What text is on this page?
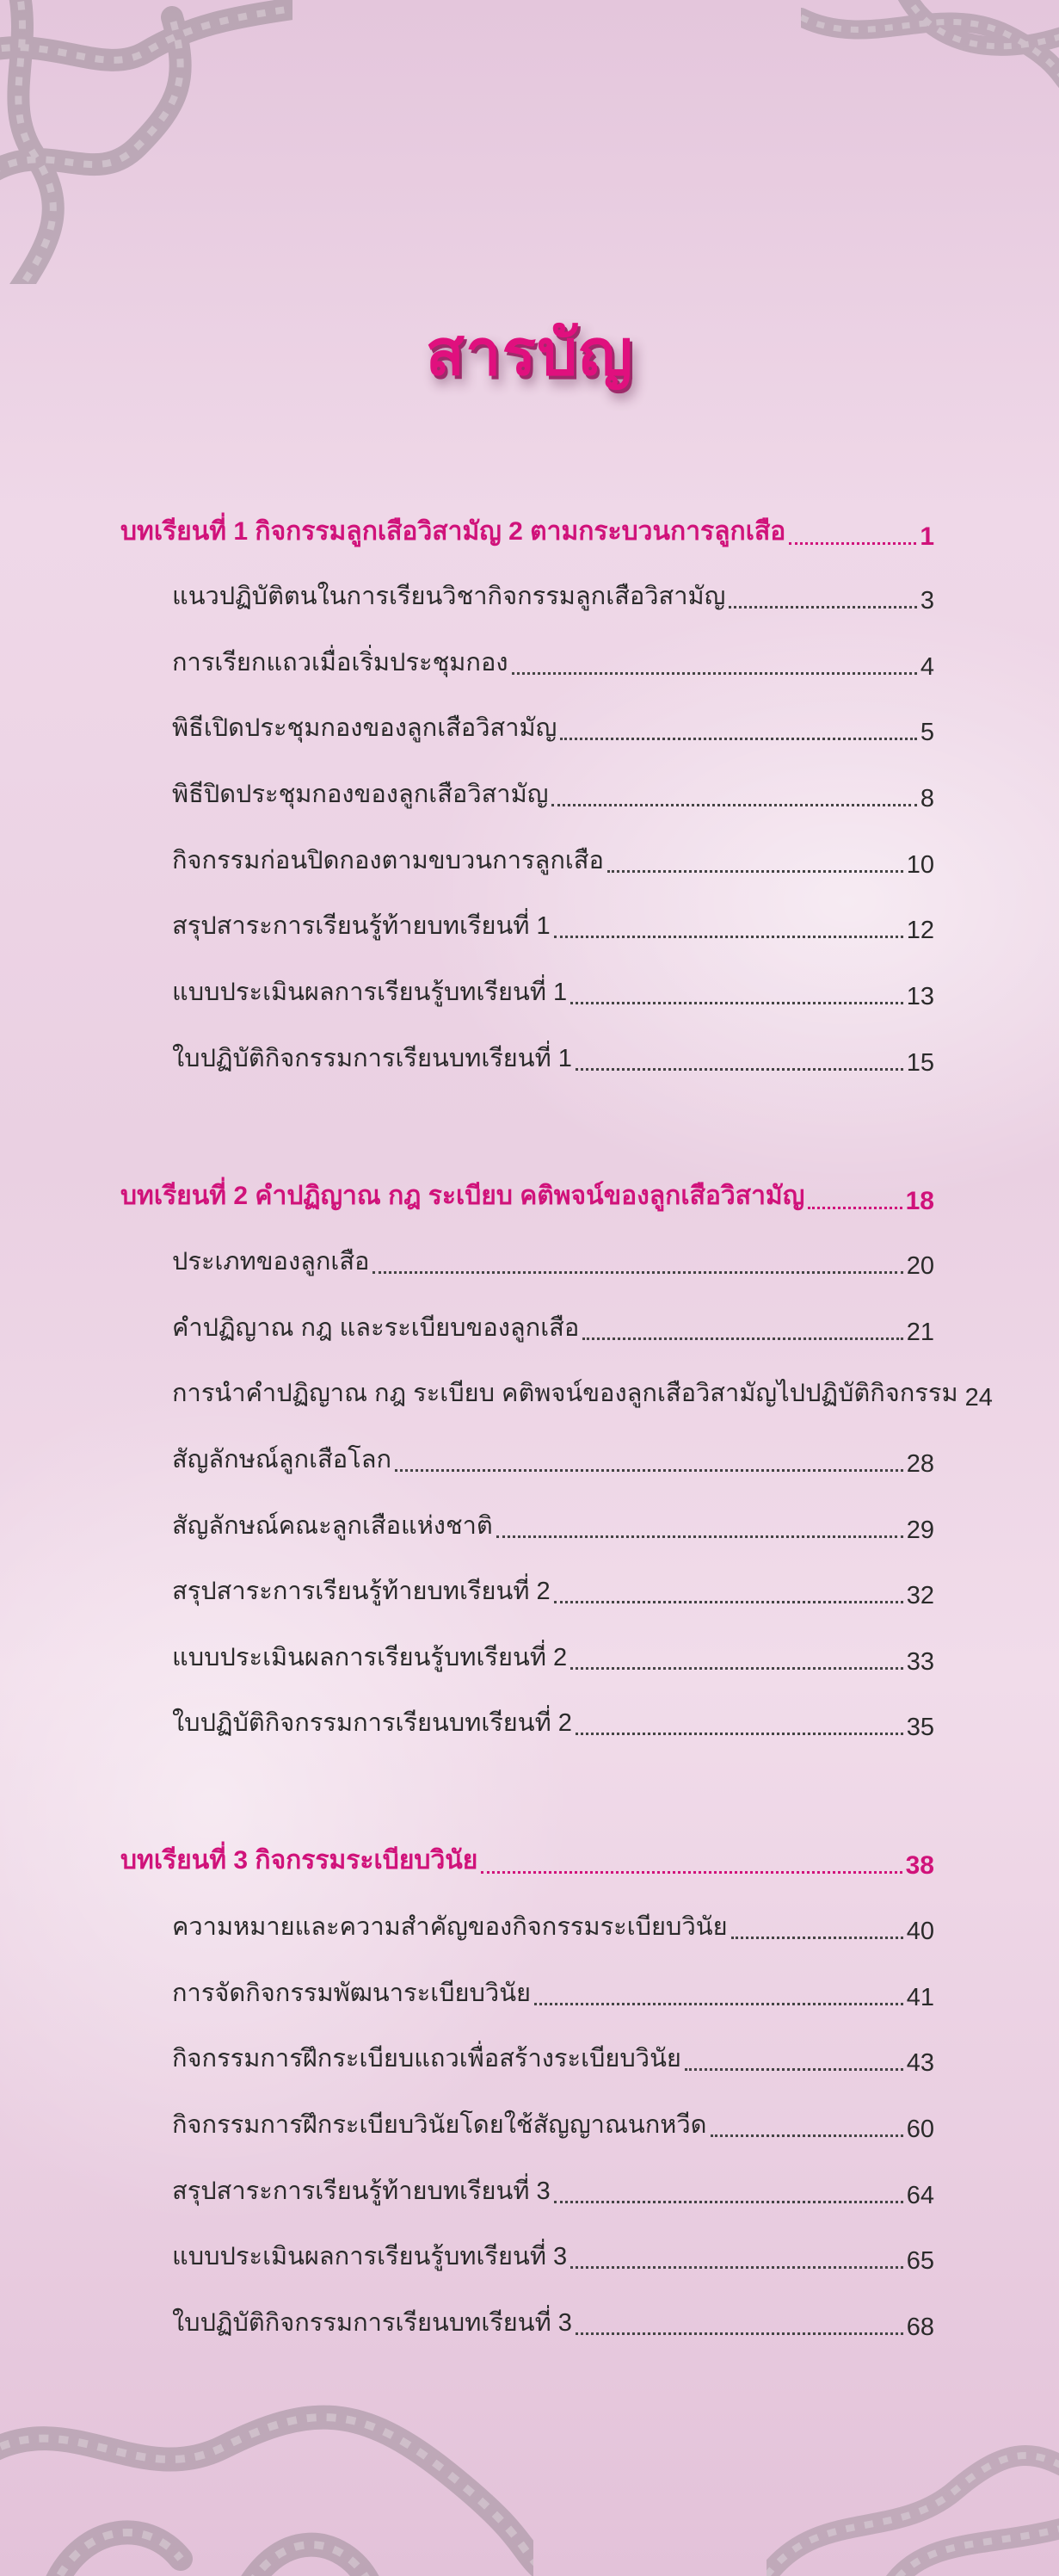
สารบัญ
บทเรียนที่ 1 กิจกรรมลูกเสือวิสามัญ 2 ตามกระบวนการลูกเสือ	1
แนวปฏิบัติตนในการเรียนวิชากิจกรรมลูกเสือวิสามัญ	3
การเรียกแถวเมื่อเริ่มประชุมกอง	4
พิธีเปิดประชุมกองของลูกเสือวิสามัญ	5
พิธีปิดประชุมกองของลูกเสือวิสามัญ	8
กิจกรรมก่อนปิดกองตามขบวนการลูกเสือ	10
สรุปสาระการเรียนรู้ท้ายบทเรียนที่ 1	12
แบบประเมินผลการเรียนรู้บทเรียนที่ 1	13
ใบปฏิบัติกิจกรรมการเรียนบทเรียนที่ 1	15
บทเรียนที่ 2 คำปฏิญาณ กฎ ระเบียบ คติพจน์ของลูกเสือวิสามัญ	18
ประเภทของลูกเสือ	20
คำปฏิญาณ กฎ และระเบียบของลูกเสือ	21
การนำคำปฏิญาณ กฎ ระเบียบ คติพจน์ของลูกเสือวิสามัญไปปฏิบัติกิจกรรม 24
สัญลักษณ์ลูกเสือโลก	28
สัญลักษณ์คณะลูกเสือแห่งชาติ	29
สรุปสาระการเรียนรู้ท้ายบทเรียนที่ 2	32
แบบประเมินผลการเรียนรู้บทเรียนที่ 2	33
ใบปฏิบัติกิจกรรมการเรียนบทเรียนที่ 2	35
บทเรียนที่ 3 กิจกรรมระเบียบวินัย	38
ความหมายและความสำคัญของกิจกรรมระเบียบวินัย	40
การจัดกิจกรรมพัฒนาระเบียบวินัย	41
กิจกรรมการฝึกระเบียบแถวเพื่อสร้างระเบียบวินัย	43
กิจกรรมการฝึกระเบียบวินัยโดยใช้สัญญาณนกหวีด	60
สรุปสาระการเรียนรู้ท้ายบทเรียนที่ 3	64
แบบประเมินผลการเรียนรู้บทเรียนที่ 3	65
ใบปฏิบัติกิจกรรมการเรียนบทเรียนที่ 3	68
